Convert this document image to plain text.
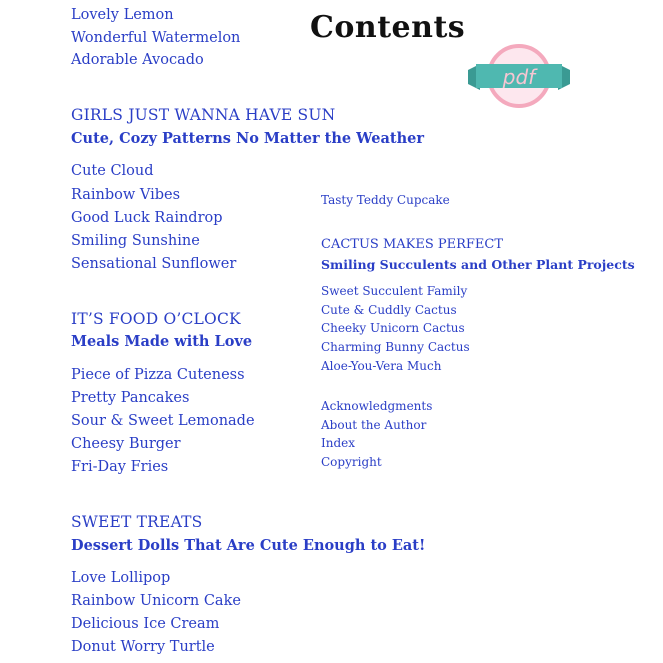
Contents
pdf
Lovely Lemon
Wonderful Watermelon
Adorable Avocado
GIRLS JUST WANNA HAVE SUN
Cute, Cozy Patterns No Matter the Weather
Cute Cloud
Rainbow Vibes
Good Luck Raindrop
Smiling Sunshine
Sensational Sunflower
IT’S FOOD O’CLOCK
Meals Made with Love
Piece of Pizza Cuteness
Pretty Pancakes
Sour & Sweet Lemonade
Cheesy Burger
Fri-Day Fries
SWEET TREATS
Dessert Dolls That Are Cute Enough to Eat!
Love Lollipop
Rainbow Unicorn Cake
Delicious Ice Cream
Donut Worry Turtle
Tasty Teddy Cupcake
CACTUS MAKES PERFECT
Smiling Succulents and Other Plant Projects
Sweet Succulent Family
Cute & Cuddly Cactus
Cheeky Unicorn Cactus
Charming Bunny Cactus
Aloe-You-Vera Much
Acknowledgments
About the Author
Index
Copyright
